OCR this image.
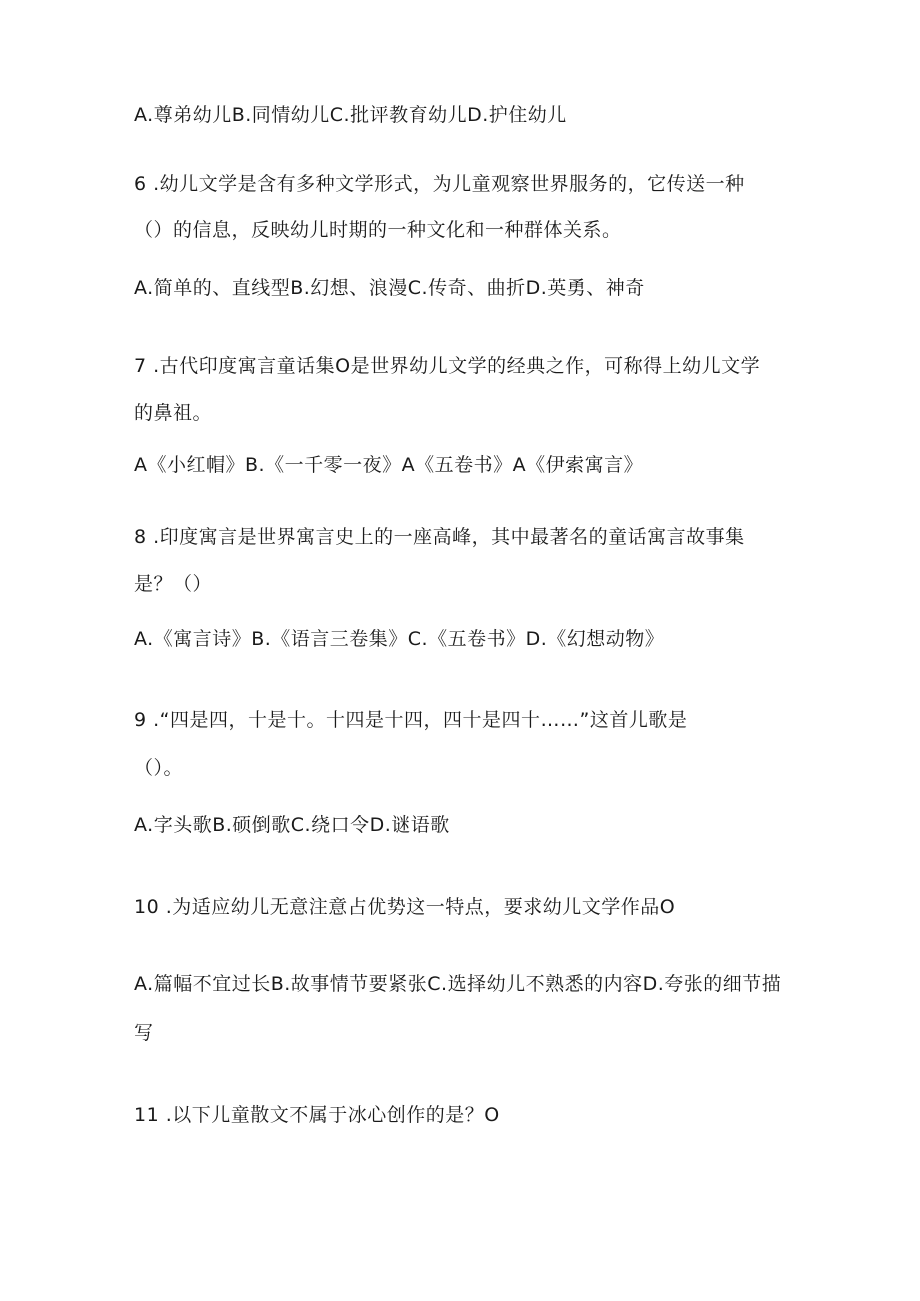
A.尊弟幼儿B.同情幼儿C.批评教育幼儿D.护住幼儿
6 .幼儿文学是含有多种文学形式，为儿童观察世界服务的，它传送一种
（）的信息，反映幼儿时期的一种文化和一种群体关系。
A.简单的、直线型B.幻想、浪漫C.传奇、曲折D.英勇、神奇
7 .古代印度寓言童话集O是世界幼儿文学的经典之作，可称得上幼儿文学
的鼻祖。
A《小红帽》B.《一千零一夜》A《五卷书》A《伊索寓言》
8 .印度寓言是世界寓言史上的一座高峰，其中最著名的童话寓言故事集
是？（）
A.《寓言诗》B.《语言三卷集》C.《五卷书》D.《幻想动物》
9 .“四是四，十是十。十四是十四，四十是四十……”这首儿歌是
（）。
A.字头歌B.硕倒歌C.绕口令D.谜语歌
10 .为适应幼儿无意注意占优势这一特点，要求幼儿文学作品O
A.篇幅不宜过长B.故事情节要紧张C.选择幼儿不熟悉的内容D.夸张的细节描
写
11 .以下儿童散文不属于冰心创作的是？O
